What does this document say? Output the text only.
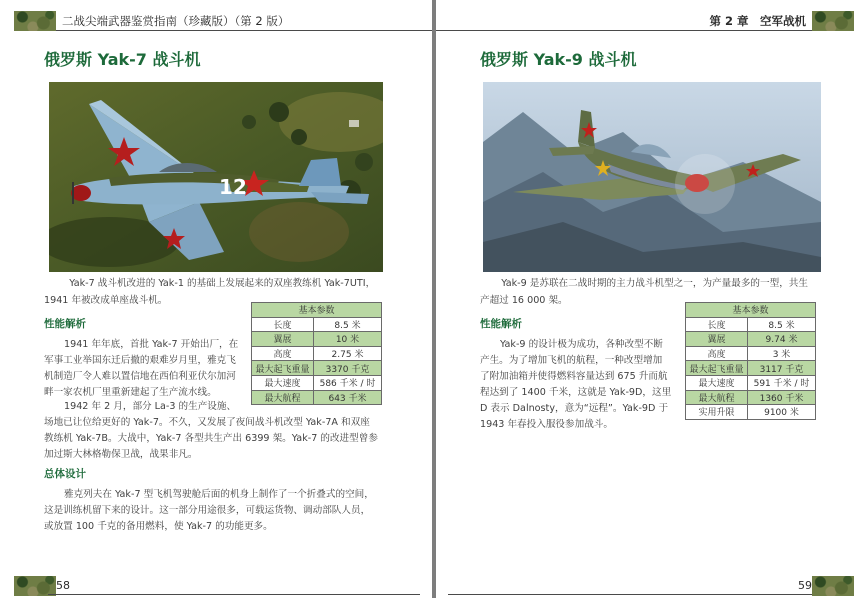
二战尖端武器鉴赏指南（珍藏版）（第 2 版）
俄罗斯 Yak-7 战斗机
12
Yak-7 战斗机改进的 Yak-1 的基础上发展起来的双座教练机 Yak-7UTI，
1941 年被改成单座战斗机。
性能解析
1941 年年底，首批 Yak-7 开始出厂，在
军事工业举国东迁后撤的艰难岁月里，雅克飞
机制造厂令人难以置信地在西伯利亚伏尔加河
畔一家农机厂里重新建起了生产流水线。
1942 年 2 月，部分 La-3 的生产设施、
场地已让位给更好的 Yak-7。不久，又发展了夜间战斗机改型 Yak-7A 和双座
教练机 Yak-7B。大战中，Yak-7 各型共生产出 6399 架。Yak-7 的改进型曾参
加过斯大林格勒保卫战，战果非凡。
总体设计
雅克列夫在 Yak-7 型飞机驾驶舱后面的机身上制作了一个折叠式的空间，
这是训练机留下来的设计。这一部分用途很多，可载运货物、调动部队人员，
或放置 100 千克的备用燃料，使 Yak-7 的功能更多。
基本参数	
长度	8.5 米
翼展	10 米
高度	2.75 米
最大起飞重量	3370 千克
最大速度	586 千米 / 时
最大航程	643 千米
58
第 2 章　空军战机
俄罗斯 Yak-9 战斗机
Yak-9 是苏联在二战时期的主力战斗机型之一，为产量最多的一型，共生
产超过 16 000 架。
性能解析
Yak-9 的设计极为成功，各种改型不断
产生。为了增加飞机的航程，一种改型增加
了附加油箱并使得燃料容量达到 675 升而航
程达到了 1400 千米，这就是 Yak-9D，这里
D 表示 Dalnosty，意为“远程”。Yak-9D 于
1943 年春投入服役参加战斗。
基本参数	
长度	8.5 米
翼展	9.74 米
高度	3 米
最大起飞重量	3117 千克
最大速度	591 千米 / 时
最大航程	1360 千米
实用升限	9100 米
59
